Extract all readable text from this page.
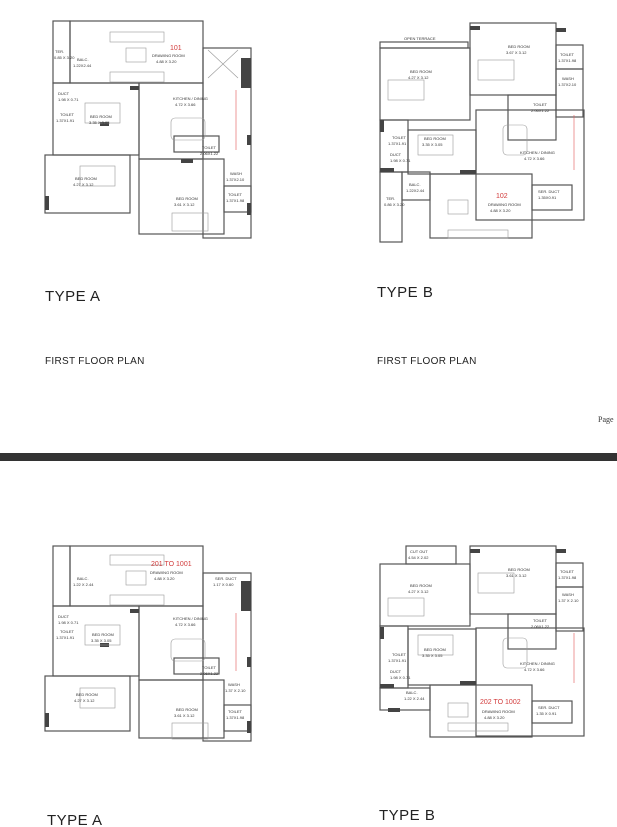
101
TER.
0.85 X 3.20 BALC.
1.22X2.44
DUCT
1.98 X 0.71
DRAWING ROOM
4.88 X 3.20
KITCHEN / DINING
4.72 X 3.66
TOILET
1.37X1.91
BED ROOM
3.35 X 3.05
TOILET
2.06X1.22
WASH
1.37X2.10
BED ROOM
4.27 X 3.12
BED ROOM
3.61 X 3.12
TOILET
1.37X1.98
TYPE A
FIRST FLOOR PLAN
OPEN TERRACE
BED ROOM
3.67 X 3.12	TOILET
1.37X1.98
BED ROOM
4.27 X 3.12	WASH
1.37X2.10
TOILET
2.06X1.22
BED ROOM
3.35 X 3.05
TOILET
1.37X1.91
DUCT
1.98 X 0.71
KITCHEN / DINING
4.72 X 3.66
BALC.
1.22X2.44
102
SER. DUCT
1.35X0.91
TER.
0.86 X 3.20	DRAWING ROOM
4.88 X 3.20
TYPE B
FIRST FLOOR PLAN
Page
201 TO 1001
DRAWING ROOM
4.88 X 3.20
BALC.
1.22 X 2.44
SER. DUCT
1.17 X 0.60
DUCT
1.98 X 0.71
KITCHEN / DINING
4.72 X 3.66
TOILET
1.37X1.91
BED ROOM
3.35 X 3.05
TOILET
2.06X1.22
WASH
1.37 X 2.10
BED ROOM
4.27 X 3.12
BED ROOM
3.61 X 3.12
TOILET
1.37X1.98
TYPE A
CUT OUT
4.54 X 2.02
BED ROOM
3.61 X 3.12
TOILET
1.37X1.98
BED ROOM
4.27 X 3.12
WASH
1.37 X 2.10
TOILET
2.06X1.22
BED ROOM
3.35 X 3.05
TOILET
1.37X1.91
DUCT
1.98 X 0.71
KITCHEN / DINING
4.72 X 3.66
BALC.
1.22 X 2.44
202 TO 1002
SER. DUCT
1.35 X 0.91
DRAWING ROOM
4.88 X 3.20
TYPE B
